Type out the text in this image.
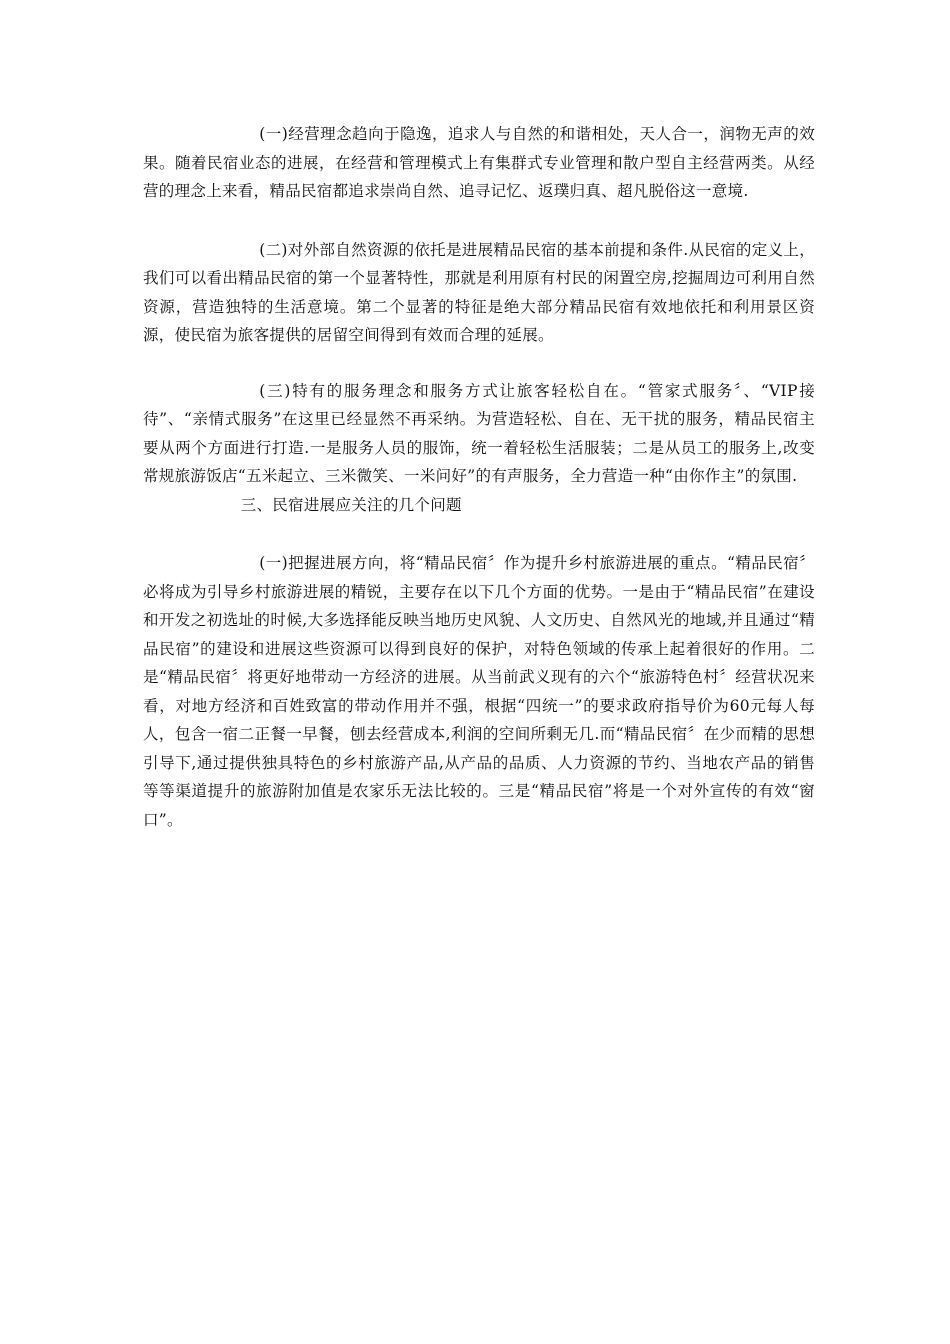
(一)经营理念趋向于隐逸，追求人与自然的和谐相处，天人合一，润物无声的效果。随着民宿业态的进展，在经营和管理模式上有集群式专业管理和散户型自主经营两类。从经营的理念上来看，精品民宿都追求崇尚自然、追寻记忆、返璞归真、超凡脱俗这一意境.

(二)对外部自然资源的依托是进展精品民宿的基本前提和条件.从民宿的定义上，我们可以看出精品民宿的第一个显著特性，那就是利用原有村民的闲置空房,挖掘周边可利用自然资源，营造独特的生活意境。第二个显著的特征是绝大部分精品民宿有效地依托和利用景区资源，使民宿为旅客提供的居留空间得到有效而合理的延展。

(三)特有的服务理念和服务方式让旅客轻松自在。“管家式服务〞、“VIP接待”、“亲情式服务”在这里已经显然不再采纳。为营造轻松、自在、无干扰的服务，精品民宿主要从两个方面进行打造.一是服务人员的服饰，统一着轻松生活服装；二是从员工的服务上,改变常规旅游饭店“五米起立、三米微笑、一米问好”的有声服务，全力营造一种“由你作主”的氛围.

三、民宿进展应关注的几个问题

(一)把握进展方向，将“精品民宿〞作为提升乡村旅游进展的重点。“精品民宿〞必将成为引导乡村旅游进展的精锐，主要存在以下几个方面的优势。一是由于“精品民宿”在建设和开发之初选址的时候,大多选择能反映当地历史风貌、人文历史、自然风光的地域,并且通过“精品民宿”的建设和进展这些资源可以得到良好的保护，对特色领域的传承上起着很好的作用。二是“精品民宿〞将更好地带动一方经济的进展。从当前武义现有的六个“旅游特色村〞经营状况来看，对地方经济和百姓致富的带动作用并不强，根据“四统一”的要求政府指导价为60元每人每人，包含一宿二正餐一早餐，刨去经营成本,利润的空间所剩无几.而“精品民宿〞在少而精的思想引导下,通过提供独具特色的乡村旅游产品,从产品的品质、人力资源的节约、当地农产品的销售等等渠道提升的旅游附加值是农家乐无法比较的。三是“精品民宿”将是一个对外宣传的有效“窗口”。
